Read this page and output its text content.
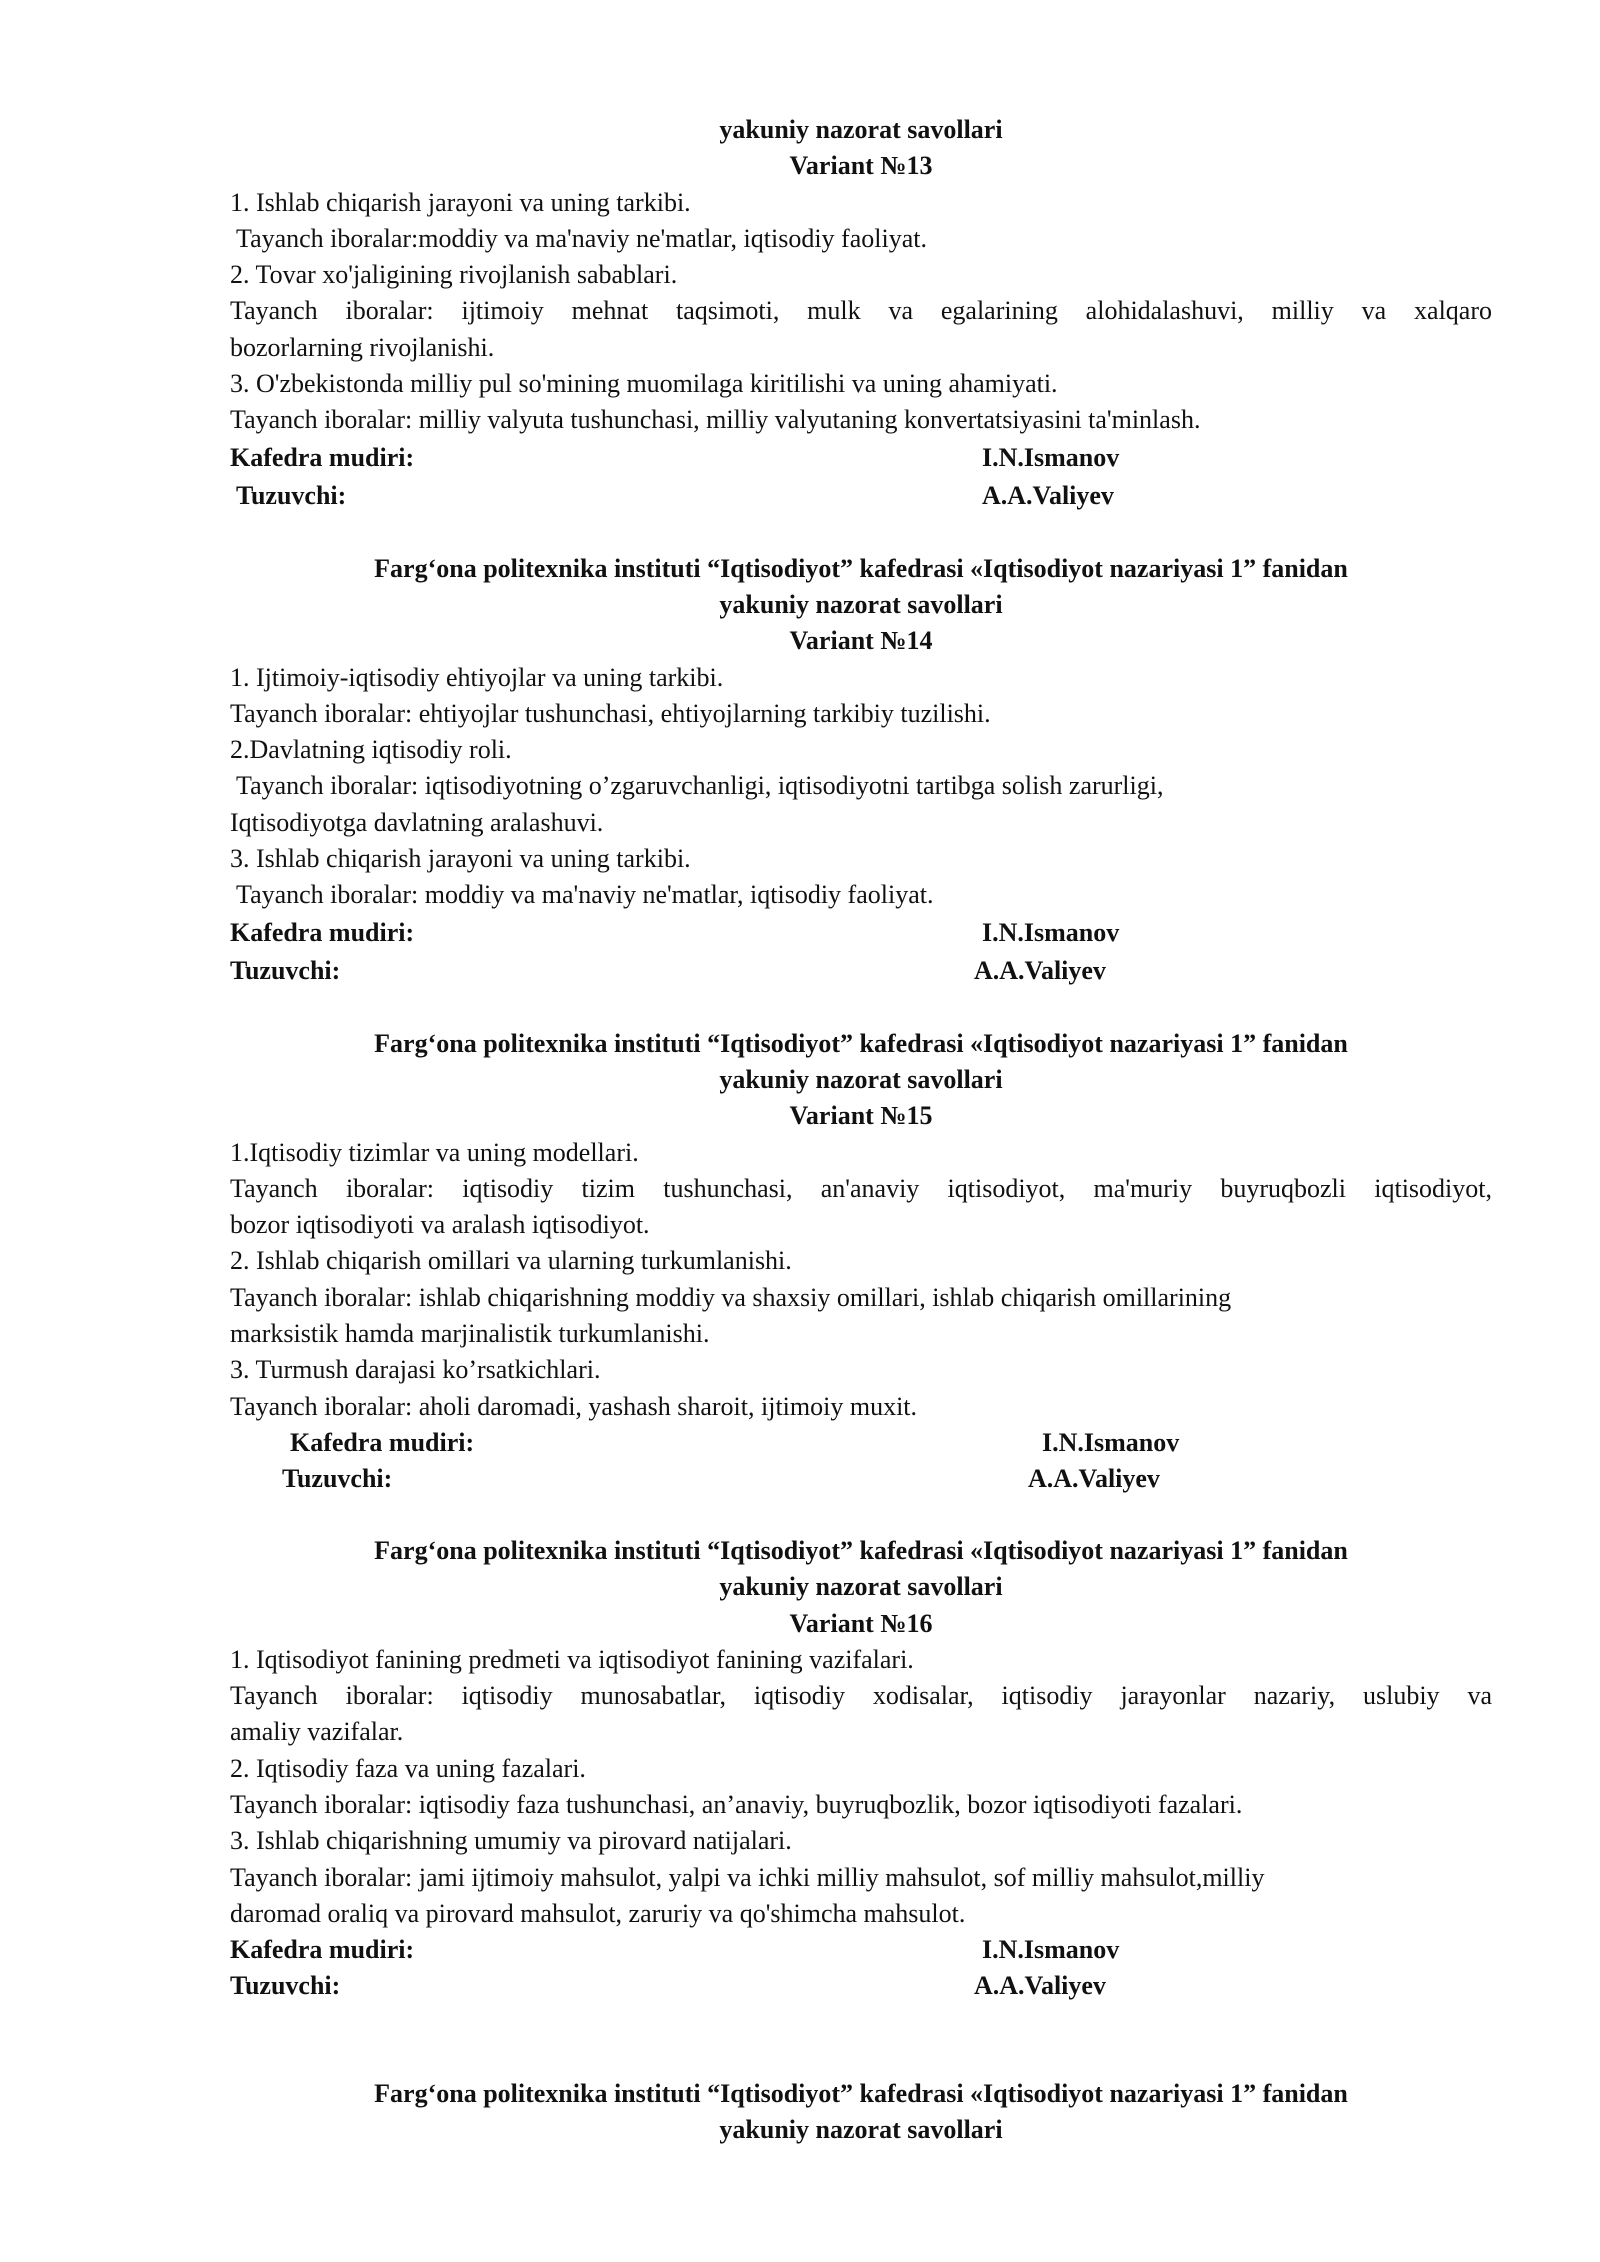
yakuniy nazorat savollari
Variant №13
1. Ishlab chiqarish jarayoni va uning tarkibi.
Tayanch iboralar:moddiy va ma'naviy ne'matlar, iqtisodiy faoliyat.
2. Tovar xo'jaligining rivojlanish sabablari.
Tayanch iboralar: ijtimoiy mehnat taqsimoti, mulk va egalarining alohidalashuvi, milliy va xalqaro
bozorlarning rivojlanishi.
3. O'zbekistonda milliy pul so'mining muomilaga kiritilishi va uning ahamiyati.
Tayanch iboralar: milliy valyuta tushunchasi, milliy valyutaning konvertatsiyasini ta'minlash.
Kafedra mudiri:	I.N.Ismanov
Tuzuvchi:	A.A.Valiyev
Farg‘ona politexnika instituti “Iqtisodiyot” kafedrasi «Iqtisodiyot nazariyasi 1” fanidan
yakuniy nazorat savollari
Variant №14
1. Ijtimoiy-iqtisodiy ehtiyojlar va uning tarkibi.
Tayanch iboralar: ehtiyojlar tushunchasi, ehtiyojlarning tarkibiy tuzilishi.
2.Davlatning iqtisodiy roli.
Tayanch iboralar: iqtisodiyotning o’zgaruvchanligi, iqtisodiyotni tartibga solish zarurligi,
Iqtisodiyotga davlatning aralashuvi.
3. Ishlab chiqarish jarayoni va uning tarkibi.
Tayanch iboralar: moddiy va ma'naviy ne'matlar, iqtisodiy faoliyat.
Kafedra mudiri:	I.N.Ismanov
Tuzuvchi:	A.A.Valiyev
Farg‘ona politexnika instituti “Iqtisodiyot” kafedrasi «Iqtisodiyot nazariyasi 1” fanidan
yakuniy nazorat savollari
Variant №15
1.Iqtisodiy tizimlar va uning modellari.
Tayanch iboralar: iqtisodiy tizim tushunchasi, an'anaviy iqtisodiyot, ma'muriy buyruqbozli iqtisodiyot,
bozor iqtisodiyoti va aralash iqtisodiyot.
2. Ishlab chiqarish omillari va ularning turkumlanishi.
Tayanch iboralar: ishlab chiqarishning moddiy va shaxsiy omillari, ishlab chiqarish omillarining
marksistik hamda marjinalistik turkumlanishi.
3. Turmush darajasi ko’rsatkichlari.
Tayanch iboralar: aholi daromadi, yashash sharoit, ijtimoiy muxit.
Kafedra mudiri:	I.N.Ismanov
Tuzuvchi:	A.A.Valiyev
Farg‘ona politexnika instituti “Iqtisodiyot” kafedrasi «Iqtisodiyot nazariyasi 1” fanidan
yakuniy nazorat savollari
Variant №16
1. Iqtisodiyot fanining predmeti va iqtisodiyot fanining vazifalari.
Tayanch iboralar: iqtisodiy munosabatlar, iqtisodiy xodisalar, iqtisodiy jarayonlar nazariy, uslubiy va
amaliy vazifalar.
2. Iqtisodiy faza va uning fazalari.
Tayanch iboralar: iqtisodiy faza tushunchasi, an’anaviy, buyruqbozlik, bozor iqtisodiyoti fazalari.
3. Ishlab chiqarishning umumiy va pirovard natijalari.
Tayanch iboralar: jami ijtimoiy mahsulot, yalpi va ichki milliy mahsulot, sof milliy mahsulot,milliy
daromad oraliq va pirovard mahsulot, zaruriy va qo'shimcha mahsulot.
Kafedra mudiri:	I.N.Ismanov
Tuzuvchi:	A.A.Valiyev
Farg‘ona politexnika instituti “Iqtisodiyot” kafedrasi «Iqtisodiyot nazariyasi 1” fanidan
yakuniy nazorat savollari
